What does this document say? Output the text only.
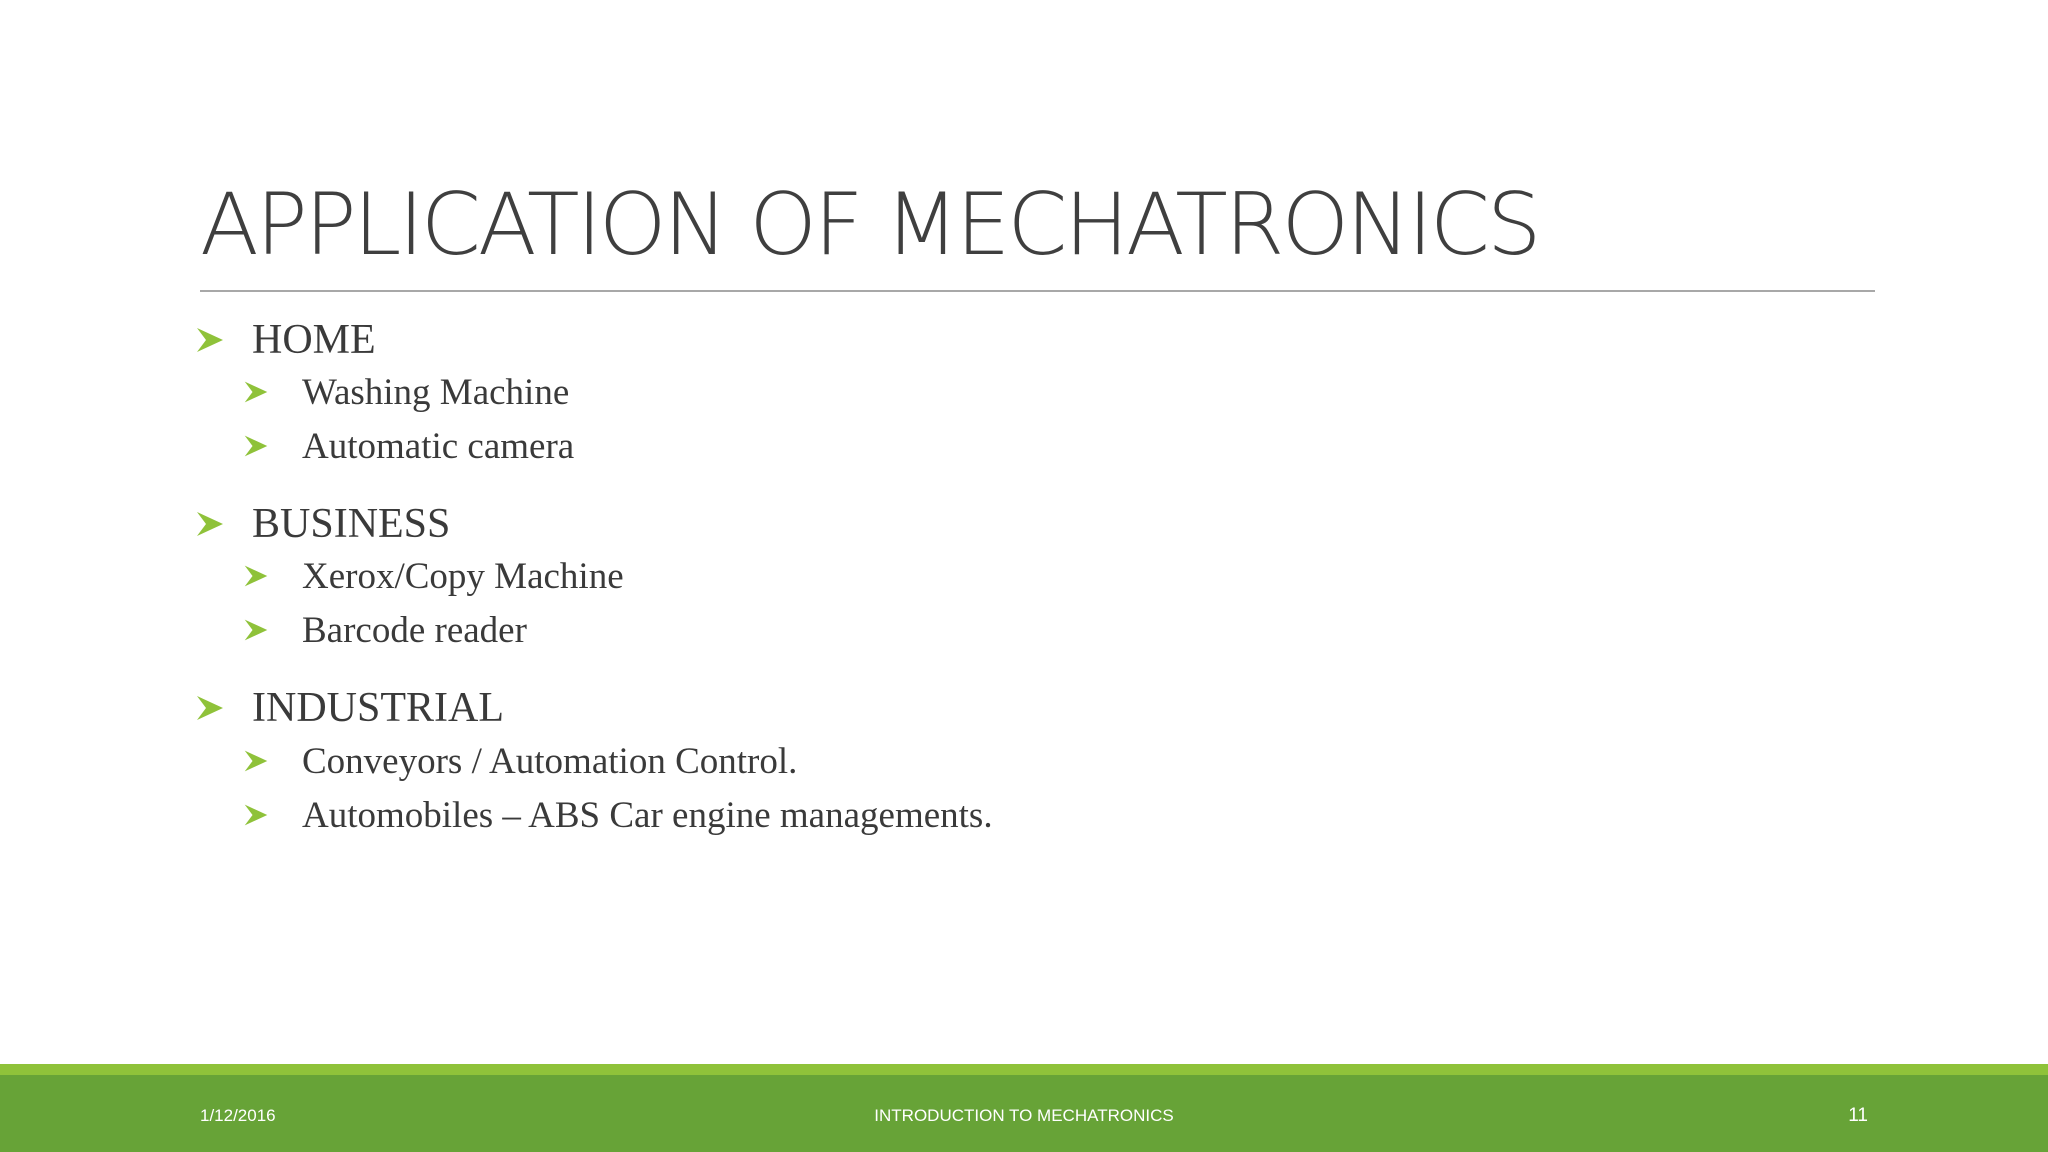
APPLICATION OF MECHATRONICS
HOME
Washing Machine
Automatic camera
BUSINESS
Xerox/Copy Machine
Barcode reader
INDUSTRIAL
Conveyors / Automation Control.
Automobiles – ABS Car engine managements.
1/12/2016	INTRODUCTION TO MECHATRONICS	11
